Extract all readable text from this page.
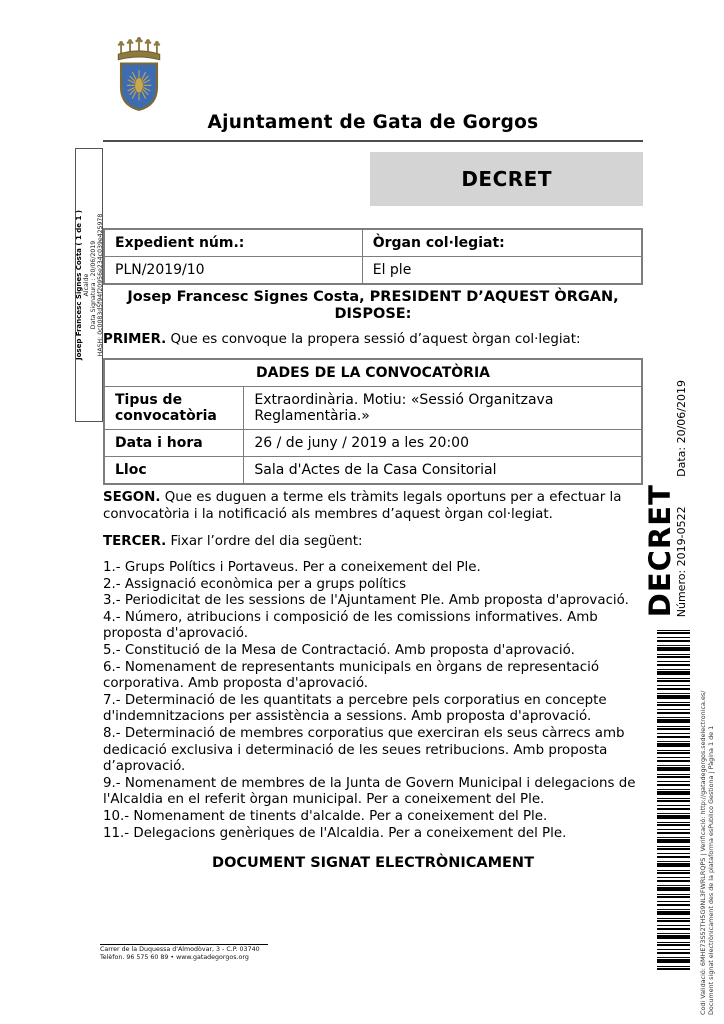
Josep Francesc Signes Costa ( 1 de 1 ) Alcalde Data Signatura : 20/06/2019 HASH: 0c0083d5f94f20956e234c039e425978
Ajuntament de Gata de Gorgos
DECRET
Expedient núm.:	Òrgan col·legiat:
PLN/2019/10	El ple
Josep Francesc Signes Costa, PRESIDENT D’AQUEST ÒRGAN,
DISPOSE:

PRIMER. Que es convoque la propera sessió d’aquest òrgan col·legiat:

DADES DE LA CONVOCATÒRIA	
Tipus de convocatòria	Extraordinària. Motiu: «Sessió Organitzava Reglamentària.»
Data i hora	26 / de juny / 2019 a les 20:00
Lloc	Sala d'Actes de la Casa Consitorial

SEGON. Que es duguen a terme els tràmits legals oportuns per a efectuar la convocatòria i la notificació als membres d’aquest òrgan col·legiat.

TERCER. Fixar l’ordre del dia següent:

1.- Grups Polítics i Portaveus. Per a coneixement del Ple.

2.- Assignació econòmica per a grups polítics

3.- Periodicitat de les sessions de l'Ajuntament Ple. Amb proposta d'aprovació.

4.- Número, atribucions i composició de les comissions informatives. Amb proposta d'aprovació.

5.- Constitució de la Mesa de Contractació. Amb proposta d'aprovació.

6.- Nomenament de representants municipals en òrgans de representació corporativa. Amb proposta d'aprovació.

7.- Determinació de les quantitats a percebre pels corporatius en concepte d'indemnitzacions per assistència a sessions. Amb proposta d'aprovació.

8.- Determinació de membres corporatius que exerciran els seus càrrecs amb dedicació exclusiva i determinació de les seues retribucions. Amb proposta d’aprovació.

9.- Nomenament de membres de la Junta de Govern Municipal i delegacions de l'Alcaldia en el referit òrgan municipal. Per a coneixement del Ple.

10.- Nomenament de tinents d'alcalde. Per a coneixement del Ple.

11.- Delegacions genèriques de l'Alcaldia. Per a coneixement del Ple.

DOCUMENT SIGNAT ELECTRÒNICAMENT

Carrer de la Duquessa d'Almodòvar, 3 - C.P. 03740
Telèfon. 96 575 60 89 • www.gatadegorgos.org
DECRET
Número: 2019-0522 Data: 20/06/2019
Codi Validació: 6MHE73S52TH5G9NL3FWRLRQPS | Verificació: http://gatadegorgos.sedelectronica.es/ Document signat electrònicament des de la plataforma esPublico Gestiona | Pàgina 1 de 1
